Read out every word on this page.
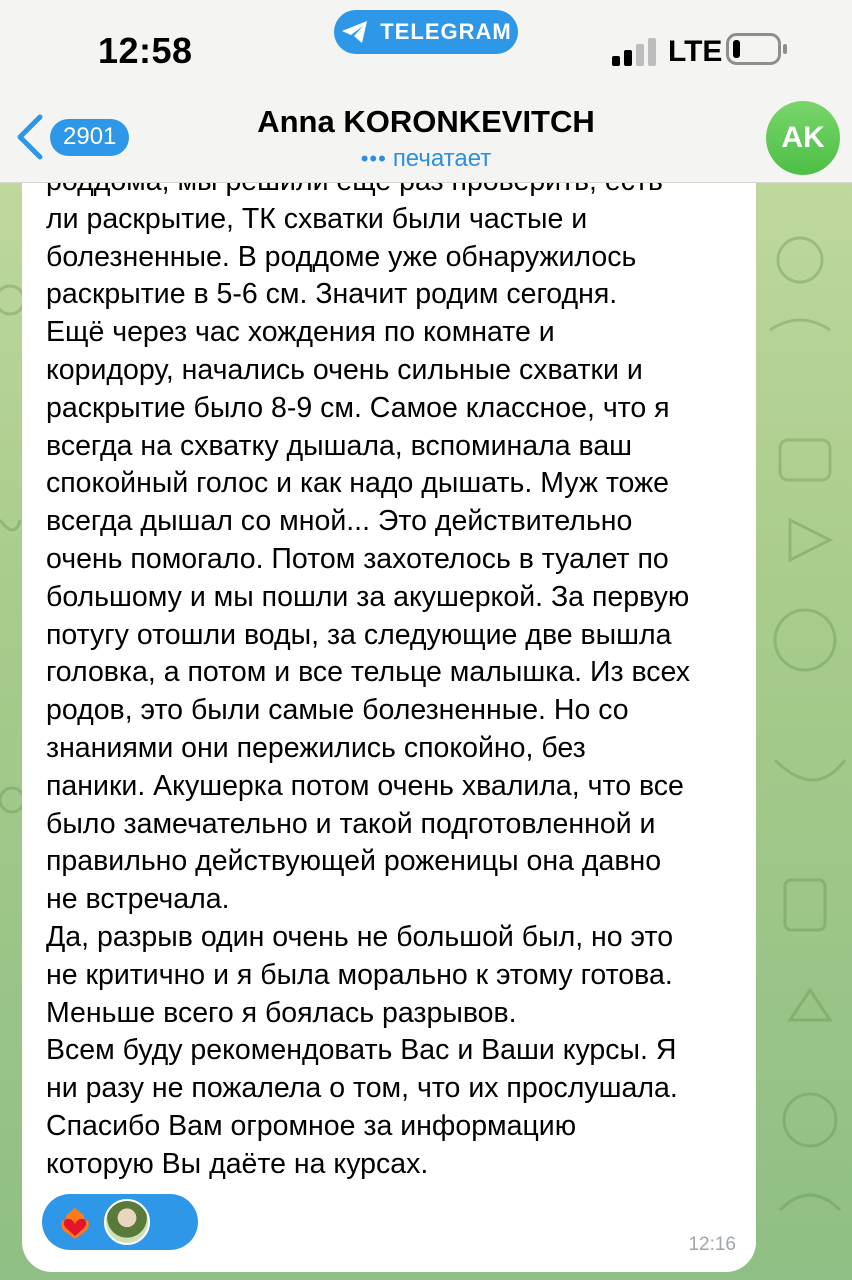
12:58	TELEGRAM
LTE
2901	Anna KORONKEVITCH
••• печатает
AK

ли раскрытие, ТК схватки были частые и
болезненные. В роддоме уже обнаружилось
раскрытие в 5-6 см. Значит родим сегодня.
Ещё через час хождения по комнате и
коридору, начались очень сильные схватки и
раскрытие было 8-9 см. Самое классное, что я
всегда на схватку дышала, вспоминала ваш
спокойный голос и как надо дышать. Муж тоже
всегда дышал со мной... Это действительно
очень помогало. Потом захотелось в туалет по
большому и мы пошли за акушеркой. За первую
потугу отошли воды, за следующие две вышла
головка, а потом и все тельце малышка. Из всех
родов, это были самые болезненные. Но со
знаниями они пережились спокойно, без
паники. Акушерка потом очень хвалила, что все
было замечательно и такой подготовленной и
правильно действующей роженицы она давно
не встречала.
Да, разрыв один очень не большой был, но это
не критично и я была морально к этому готова.
Меньше всего я боялась разрывов.
Всем буду рекомендовать Вас и Ваши курсы. Я
ни разу не пожалела о том, что их прослушала.
Спасибо Вам огромное за информацию
которую Вы даёте на курсах.
12:16
